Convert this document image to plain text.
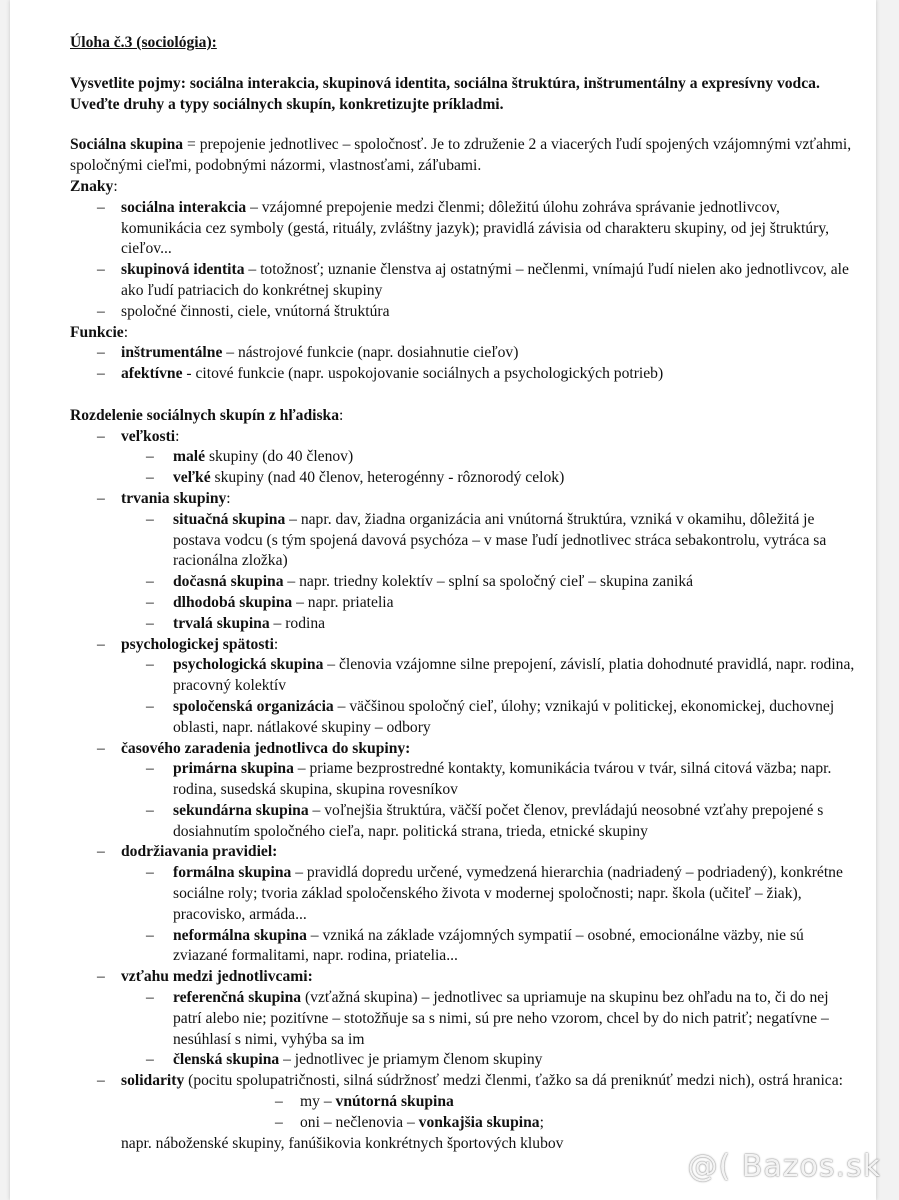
Úloha č.3 (sociológia):
Vysvetlite pojmy: sociálna interakcia, skupinová identita, sociálna štruktúra, inštrumentálny a expresívny vodca. Uveďte druhy a typy sociálnych skupín, konkretizujte príkladmi.
Sociálna skupina = prepojenie jednotlivec – spoločnosť. Je to združenie 2 a viacerých ľudí spojených vzájomnými vzťahmi, spoločnými cieľmi, podobnými názormi, vlastnosťami, záľubami.
Znaky:
– sociálna interakcia – vzájomné prepojenie medzi členmi; dôležitú úlohu zohráva správanie jednotlivcov, komunikácia cez symboly (gestá, rituály, zvláštny jazyk); pravidlá závisia od charakteru skupiny, od jej štruktúry, cieľov...
– skupinová identita – totožnosť; uznanie členstva aj ostatnými – nečlenmi, vnímajú ľudí nielen ako jednotlivcov, ale ako ľudí patriacich do konkrétnej skupiny
– spoločné činnosti, ciele, vnútorná štruktúra
Funkcie:
– inštrumentálne – nástrojové funkcie (napr. dosiahnutie cieľov)
– afektívne - citové funkcie (napr. uspokojovanie sociálnych a psychologických potrieb)
Rozdelenie sociálnych skupín z hľadiska:
– veľkosti:
– malé skupiny (do 40 členov)
– veľké skupiny (nad 40 členov, heterogénny - rôznorodý celok)
– trvania skupiny:
– situačná skupina – napr. dav, žiadna organizácia ani vnútorná štruktúra, vzniká v okamihu, dôležitá je postava vodcu (s tým spojená davová psychóza – v mase ľudí jednotlivec stráca sebakontrolu, vytráca sa racionálna zložka)
– dočasná skupina – napr. triedny kolektív – splní sa spoločný cieľ – skupina zaniká
– dlhodobá skupina – napr. priatelia
– trvalá skupina – rodina
– psychologickej spätosti:
– psychologická skupina – členovia vzájomne silne prepojení, závislí, platia dohodnuté pravidlá, napr. rodina, pracovný kolektív
– spoločenská organizácia – väčšinou spoločný cieľ, úlohy; vznikajú v politickej, ekonomickej, duchovnej oblasti, napr. nátlakové skupiny – odbory
– časového zaradenia jednotlivca do skupiny:
– primárna skupina – priame bezprostredné kontakty, komunikácia tvárou v tvár, silná citová väzba; napr. rodina, susedská skupina, skupina rovesníkov
– sekundárna skupina – voľnejšia štruktúra, väčší počet členov, prevládajú neosobné vzťahy prepojené s dosiahnutím spoločného cieľa, napr. politická strana, trieda, etnické skupiny
– dodržiavania pravidiel:
– formálna skupina – pravidlá dopredu určené, vymedzená hierarchia (nadriadený – podriadený), konkrétne sociálne roly; tvoria základ spoločenského života v modernej spoločnosti; napr. škola (učiteľ – žiak), pracovisko, armáda...
– neformálna skupina – vzniká na základe vzájomných sympatií – osobné, emocionálne väzby, nie sú zviazané formalitami, napr. rodina, priatelia...
– vzťahu medzi jednotlivcami:
– referenčná skupina (vzťažná skupina) – jednotlivec sa upriamuje na skupinu bez ohľadu na to, či do nej patrí alebo nie; pozitívne – stotožňuje sa s nimi, sú pre neho vzorom, chcel by do nich patriť; negatívne – nesúhlasí s nimi, vyhýba sa im
– členská skupina – jednotlivec je priamym členom skupiny
– solidarity (pocitu spolupatričnosti, silná súdržnosť medzi členmi, ťažko sa dá preniknúť medzi nich), ostrá hranica:
– my – vnútorná skupina
– oni – nečlenovia – vonkajšia skupina;
napr. náboženské skupiny, fanúšikovia konkrétnych športových klubov
@( Bazos.sk
